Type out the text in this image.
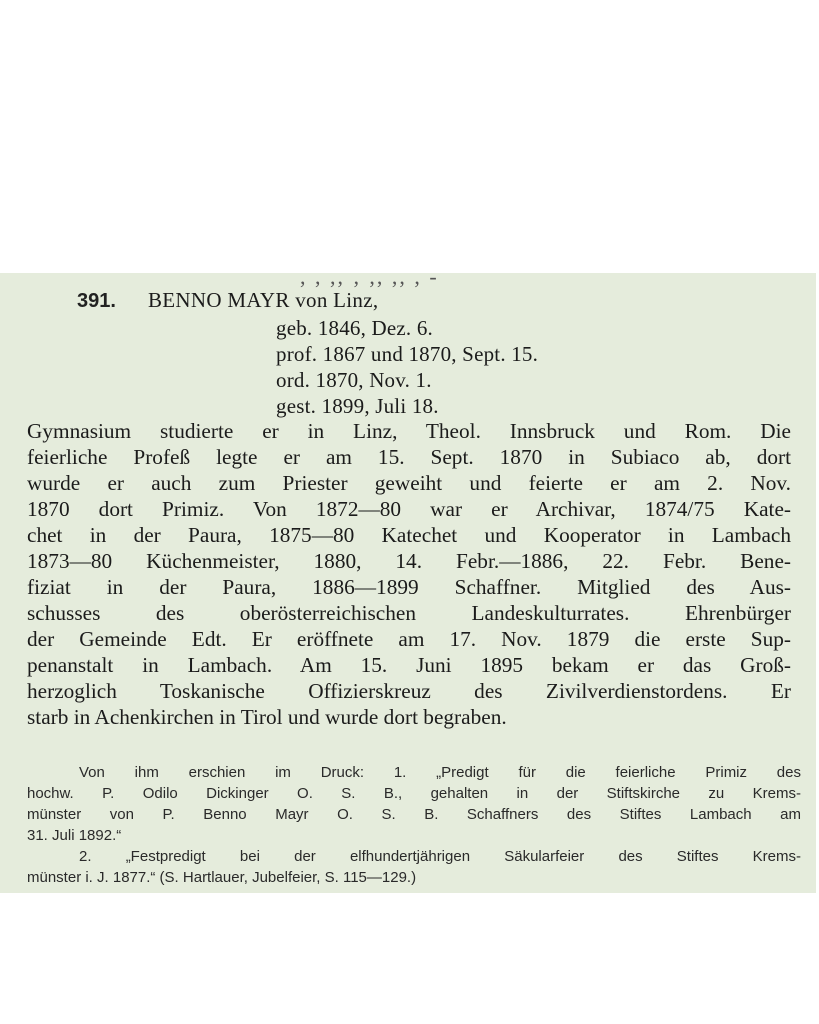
, , ,, ‚ ,, ,, , -
391. BENNO MAYR von Linz,
geb. 1846, Dez. 6.
prof. 1867 und 1870, Sept. 15.
ord. 1870, Nov. 1.
gest. 1899, Juli 18.

Gymnasium studierte er in Linz, Theol. Innsbruck und Rom. Die
feierliche Profeß legte er am 15. Sept. 1870 in Subiaco ab, dort
wurde er auch zum Priester geweiht und feierte er am 2. Nov.
1870 dort Primiz. Von 1872—80 war er Archivar, 1874/75 Kate-
chet in der Paura, 1875—80 Katechet und Kooperator in Lambach
1873—80 Küchenmeister, 1880, 14. Febr.—1886, 22. Febr. Bene-
fiziat in der Paura, 1886—1899 Schaffner. Mitglied des Aus-
schusses des oberösterreichischen Landeskulturrates. Ehrenbürger
der Gemeinde Edt. Er eröffnete am 17. Nov. 1879 die erste Sup-
penanstalt in Lambach. Am 15. Juni 1895 bekam er das Groß-
herzoglich Toskanische Offizierskreuz des Zivilverdienstordens. Er
starb in Achenkirchen in Tirol und wurde dort begraben.

Von ihm erschien im Druck: 1. „Predigt für die feierliche Primiz des
hochw. P. Odilo Dickinger O. S. B., gehalten in der Stiftskirche zu Krems-
münster von P. Benno Mayr O. S. B. Schaffners des Stiftes Lambach am
31. Juli 1892.“
2. „Festpredigt bei der elfhundertjährigen Säkularfeier des Stiftes Krems-
münster i. J. 1877.“ (S. Hartlauer, Jubelfeier, S. 115—129.)
